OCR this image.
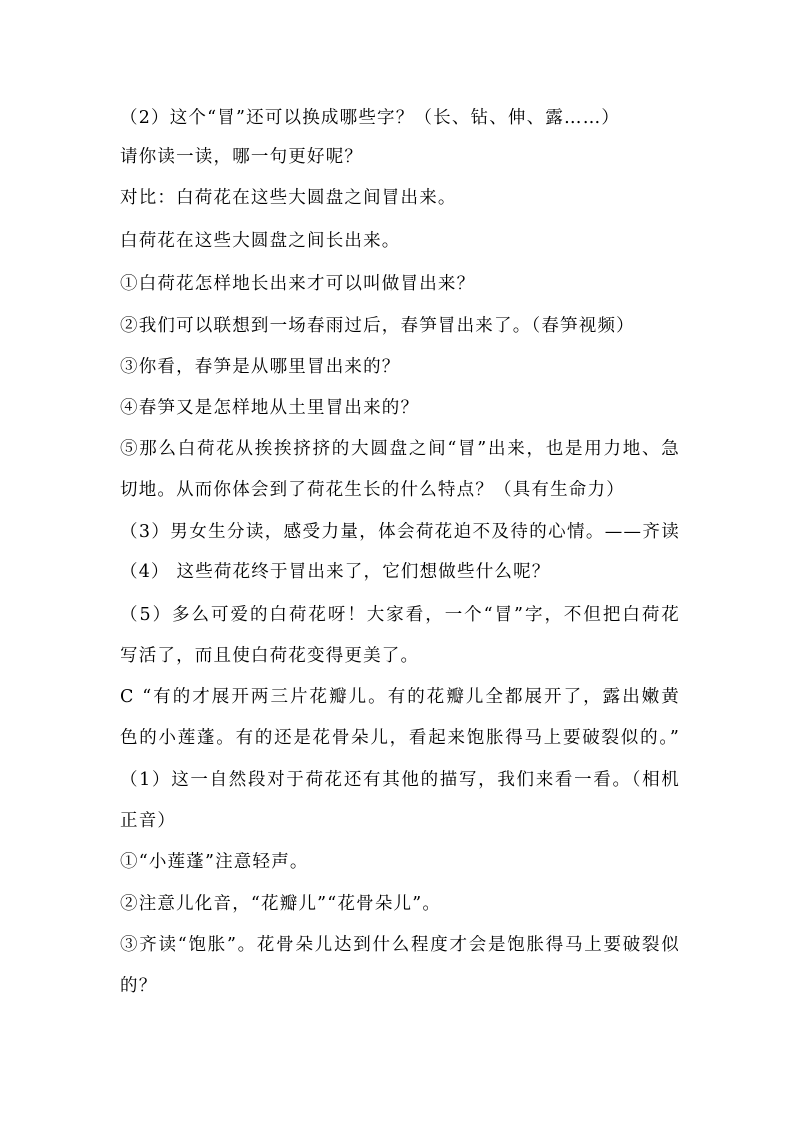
（2）这个“冒”还可以换成哪些字？（长、钻、伸、露……）
请你读一读，哪一句更好呢？
对比：白荷花在这些大圆盘之间冒出来。
白荷花在这些大圆盘之间长出来。
①白荷花怎样地长出来才可以叫做冒出来？
②我们可以联想到一场春雨过后，春笋冒出来了。（春笋视频）
③你看，春笋是从哪里冒出来的？
④春笋又是怎样地从土里冒出来的？
⑤那么白荷花从挨挨挤挤的大圆盘之间“冒”出来，也是用力地、急
切地。从而你体会到了荷花生长的什么特点？（具有生命力）
（3）男女生分读，感受力量，体会荷花迫不及待的心情。——齐读
（4） 这些荷花终于冒出来了，它们想做些什么呢？
（5）多么可爱的白荷花呀！大家看，一个“冒”字，不但把白荷花
写活了，而且使白荷花变得更美了。
C “有的才展开两三片花瓣儿。有的花瓣儿全都展开了，露出嫩黄
色的小莲蓬。有的还是花骨朵儿，看起来饱胀得马上要破裂似的。”
（1）这一自然段对于荷花还有其他的描写，我们来看一看。（相机
正音）
①“小莲蓬”注意轻声。
②注意儿化音，“花瓣儿”“花骨朵儿”。
③齐读“饱胀”。花骨朵儿达到什么程度才会是饱胀得马上要破裂似
的？
